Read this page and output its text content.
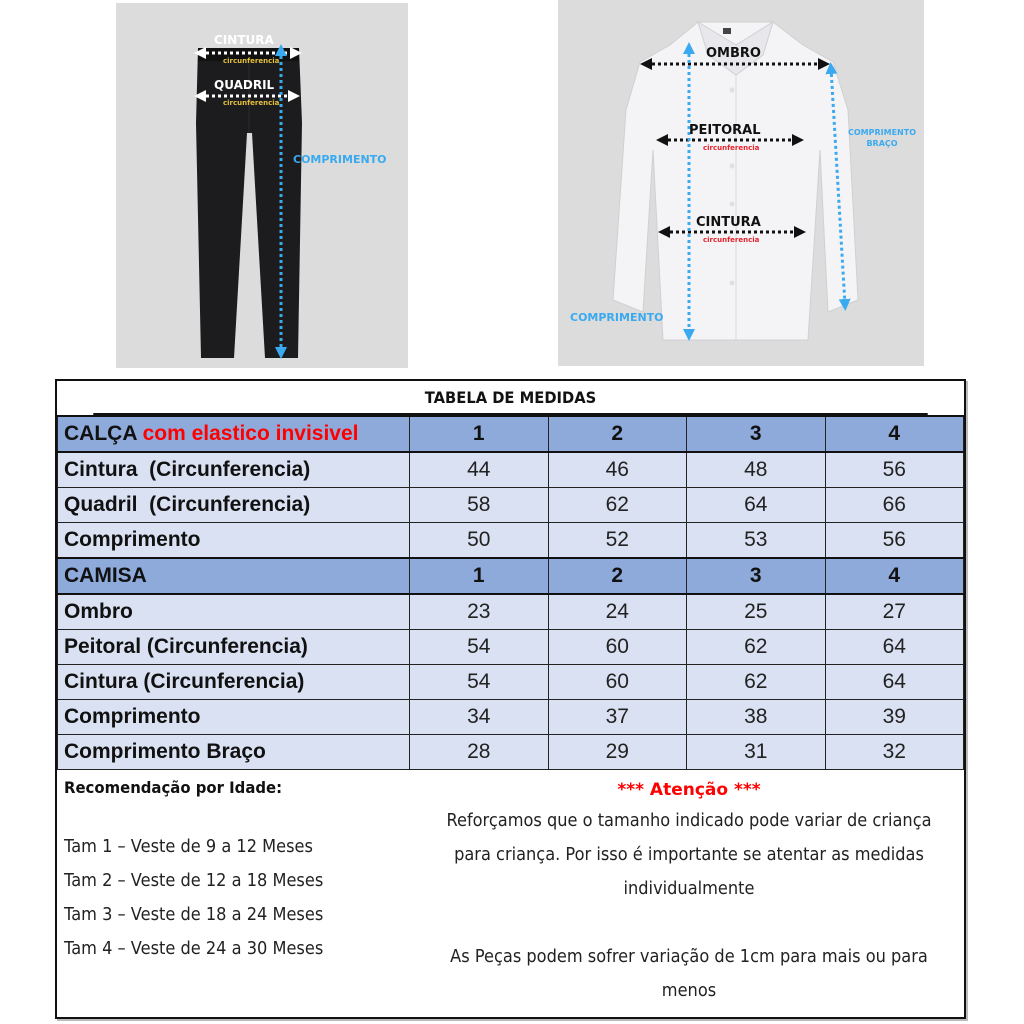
CINTURA
circunferencia
QUADRIL
circunferencia
COMPRIMENTO
OMBRO
PEITORAL
circunferencia
CINTURA
circunferencia
COMPRIMENTO
BRAÇO
COMPRIMENTO
TABELA DE MEDIDAS
CALÇA com elastico invisivel	1	2	3	4
Cintura  (Circunferencia)	44	46	48	56
Quadril  (Circunferencia)	58	62	64	66
Comprimento	50	52	53	56
CAMISA	1	2	3	4
Ombro	23	24	25	27
Peitoral (Circunferencia)	54	60	62	64
Cintura (Circunferencia)	54	60	62	64
Comprimento	34	37	38	39
Comprimento Braço	28	29	31	32
Recomendação por Idade:
Tam 1 – Veste de 9 a 12 Meses
Tam 2 – Veste de 12 a 18 Meses
Tam 3 – Veste de 18 a 24 Meses
Tam 4 – Veste de 24 a 30 Meses
*** Atenção ***
Reforçamos que o tamanho indicado pode variar de criança para criança. Por isso é importante se atentar as medidas individualmente
As Peças podem sofrer variação de 1cm para mais ou para menos
